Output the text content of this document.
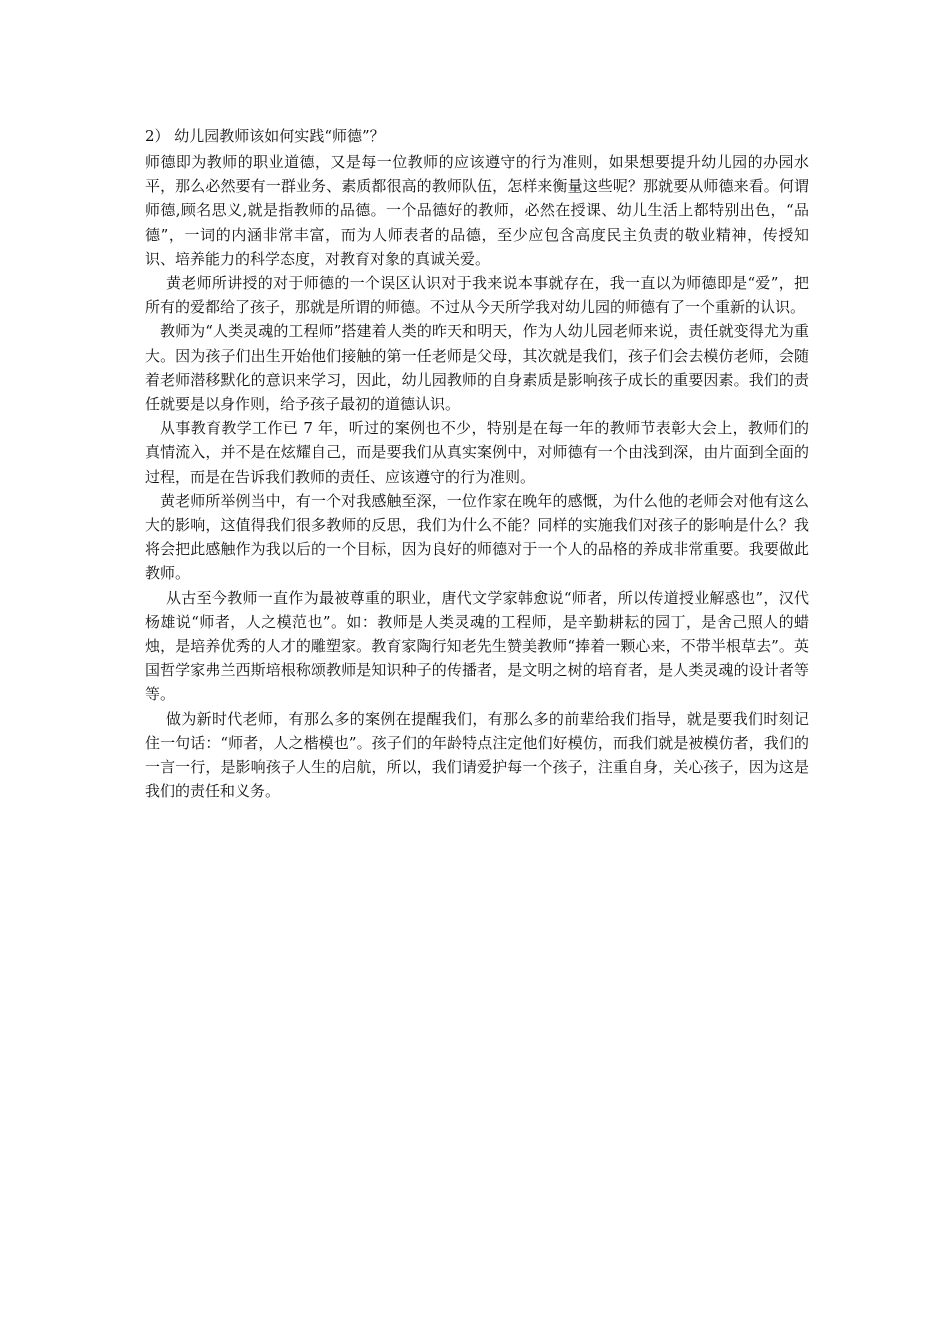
2） 幼儿园教师该如何实践“师德”？

师德即为教师的职业道德，又是每一位教师的应该遵守的行为准则，如果想要提升幼儿园的办园水平，那么必然要有一群业务、素质都很高的教师队伍，怎样来衡量这些呢？那就要从师德来看。何谓师德,顾名思义,就是指教师的品德。一个品德好的教师，必然在授课、幼儿生活上都特别出色，“品德”，一词的内涵非常丰富，而为人师表者的品德，至少应包含高度民主负责的敬业精神，传授知识、培养能力的科学态度，对教育对象的真诚关爱。

黄老师所讲授的对于师德的一个误区认识对于我来说本事就存在，我一直以为师德即是“爱”，把所有的爱都给了孩子，那就是所谓的师德。不过从今天所学我对幼儿园的师德有了一个重新的认识。

教师为“人类灵魂的工程师”搭建着人类的昨天和明天，作为人幼儿园老师来说，责任就变得尤为重大。因为孩子们出生开始他们接触的第一任老师是父母，其次就是我们，孩子们会去模仿老师，会随着老师潜移默化的意识来学习，因此，幼儿园教师的自身素质是影响孩子成长的重要因素。我们的责任就要是以身作则，给予孩子最初的道德认识。

从事教育教学工作已 7 年，听过的案例也不少，特别是在每一年的教师节表彰大会上，教师们的真情流入，并不是在炫耀自己，而是要我们从真实案例中，对师德有一个由浅到深，由片面到全面的过程，而是在告诉我们教师的责任、应该遵守的行为准则。

黄老师所举例当中，有一个对我感触至深，一位作家在晚年的感慨，为什么他的老师会对他有这么大的影响，这值得我们很多教师的反思，我们为什么不能？同样的实施我们对孩子的影响是什么？我将会把此感触作为我以后的一个目标，因为良好的师德对于一个人的品格的养成非常重要。我要做此教师。

从古至今教师一直作为最被尊重的职业，唐代文学家韩愈说“师者，所以传道授业解惑也”，汉代杨雄说“师者，人之模范也”。如：教师是人类灵魂的工程师，是辛勤耕耘的园丁，是舍己照人的蜡烛，是培养优秀的人才的雕塑家。教育家陶行知老先生赞美教师“捧着一颗心来，不带半根草去”。英国哲学家弗兰西斯培根称颂教师是知识种子的传播者，是文明之树的培育者，是人类灵魂的设计者等等。

做为新时代老师，有那么多的案例在提醒我们，有那么多的前辈给我们指导，就是要我们时刻记住一句话：“师者，人之楷模也”。孩子们的年龄特点注定他们好模仿，而我们就是被模仿者，我们的一言一行，是影响孩子人生的启航，所以，我们请爱护每一个孩子，注重自身，关心孩子，因为这是我们的责任和义务。
